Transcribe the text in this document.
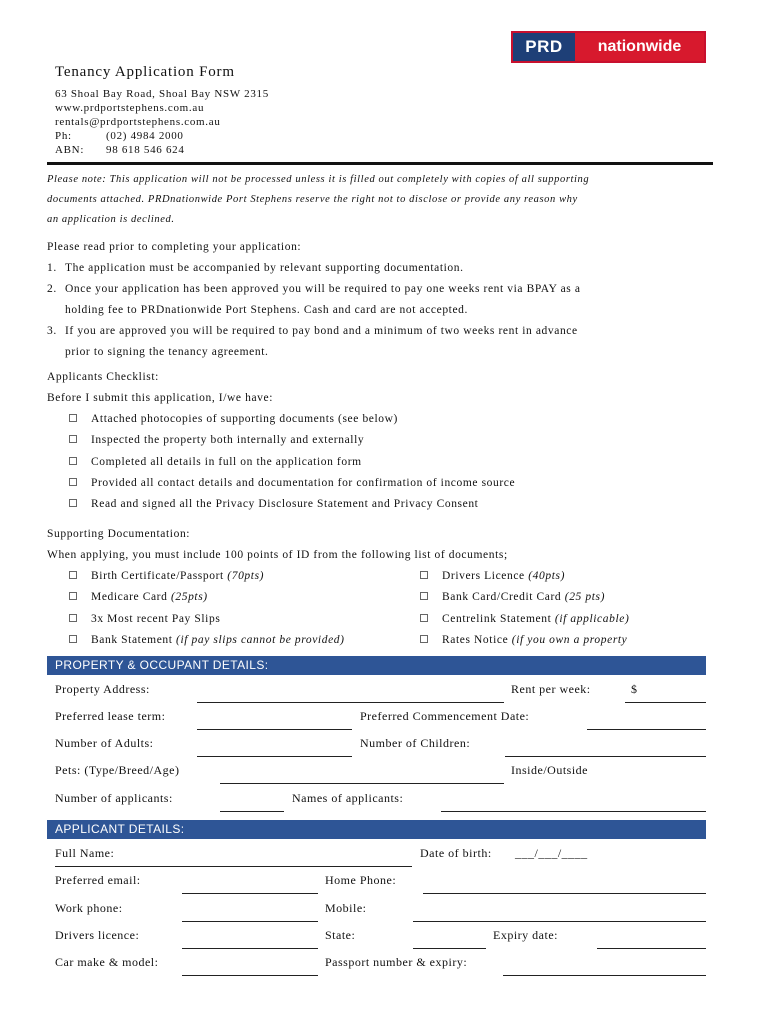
PRD	nationwide
Tenancy Application Form
63 Shoal Bay Road, Shoal Bay NSW 2315
www.prdportstephens.com.au
rentals@prdportstephens.com.au
Ph:	(02) 4984 2000
ABN: 98 618 546 624
Please note: This application will not be processed unless it is filled out completely with copies of all supporting
documents attached. PRDnationwide Port Stephens reserve the right not to disclose or provide any reason why
an application is declined.
Please read prior to completing your application:
1. The application must be accompanied by relevant supporting documentation.
2. Once your application has been approved you will be required to pay one weeks rent via BPAY as a
holding fee to PRDnationwide Port Stephens. Cash and card are not accepted.
3. If you are approved you will be required to pay bond and a minimum of two weeks rent in advance
prior to signing the tenancy agreement.
Applicants Checklist:
Before I submit this application, I/we have:
Attached photocopies of supporting documents (see below)
Inspected the property both internally and externally
Completed all details in full on the application form
Provided all contact details and documentation for confirmation of income source
Read and signed all the Privacy Disclosure Statement and Privacy Consent
Supporting Documentation:
When applying, you must include 100 points of ID from the following list of documents;
Birth Certificate/Passport (70pts)
Medicare Card (25pts)
3x Most recent Pay Slips
Bank Statement (if pay slips cannot be provided)
Drivers Licence (40pts)
Bank Card/Credit Card (25 pts)
Centrelink Statement (if applicable)
Rates Notice (if you own a property
PROPERTY & OCCUPANT DETAILS:
Property Address:	Rent per week:	$
Preferred lease term:	Preferred Commencement Date:
Number of Adults:	Number of Children:
Pets: (Type/Breed/Age)	Inside/Outside
Number of applicants:	Names of applicants:
APPLICANT DETAILS:
Full Name:	Date of birth: ___/___/____
Preferred email:	Home Phone:
Work phone:	Mobile:
Drivers licence:	State:	Expiry date:
Car make & model:	Passport number & expiry:
